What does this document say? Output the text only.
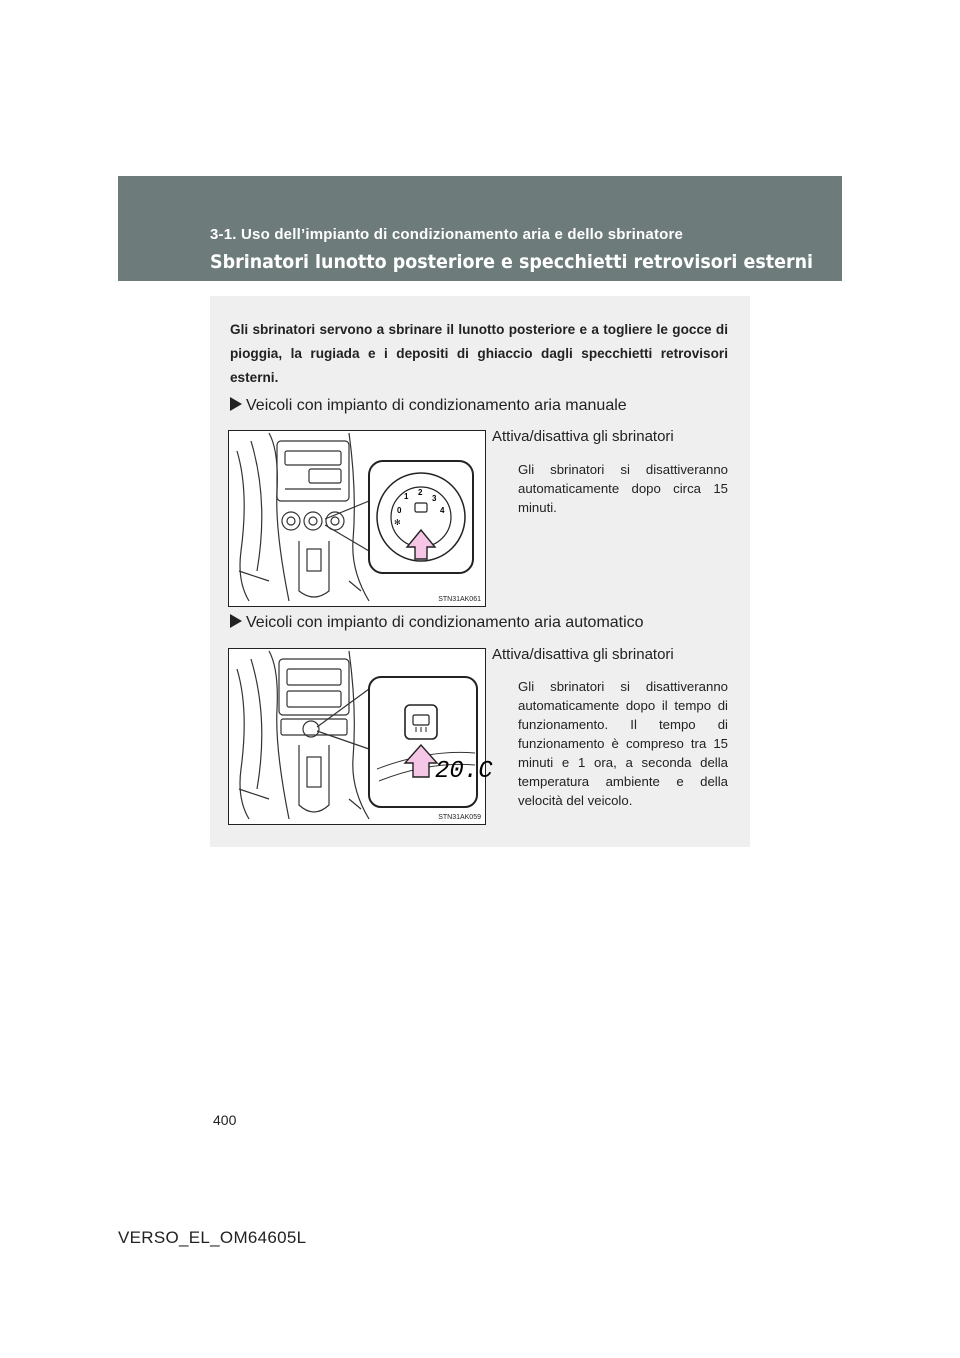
3-1. Uso dell’impianto di condizionamento aria e dello sbrinatore
Sbrinatori lunotto posteriore e specchietti retrovisori esterni
Gli sbrinatori servono a sbrinare il lunotto posteriore e a togliere le gocce di pioggia, la rugiada e i depositi di ghiaccio dagli specchietti retrovisori esterni.
Veicoli con impianto di condizionamento aria manuale
0
1 2
3
4
✻
STN31AK061
Attiva/disattiva gli sbrinatori
Gli sbrinatori si disattiveranno automaticamente dopo circa 15 minuti.
Veicoli con impianto di condizionamento aria automatico
20.C
STN31AK059
Attiva/disattiva gli sbrinatori
Gli sbrinatori si disattiveranno automaticamente dopo il tempo di funzionamento. Il tempo di funzionamento è compreso tra 15 minuti e 1 ora, a seconda della temperatura ambiente e della velocità del veicolo.
400
VERSO_EL_OM64605L
